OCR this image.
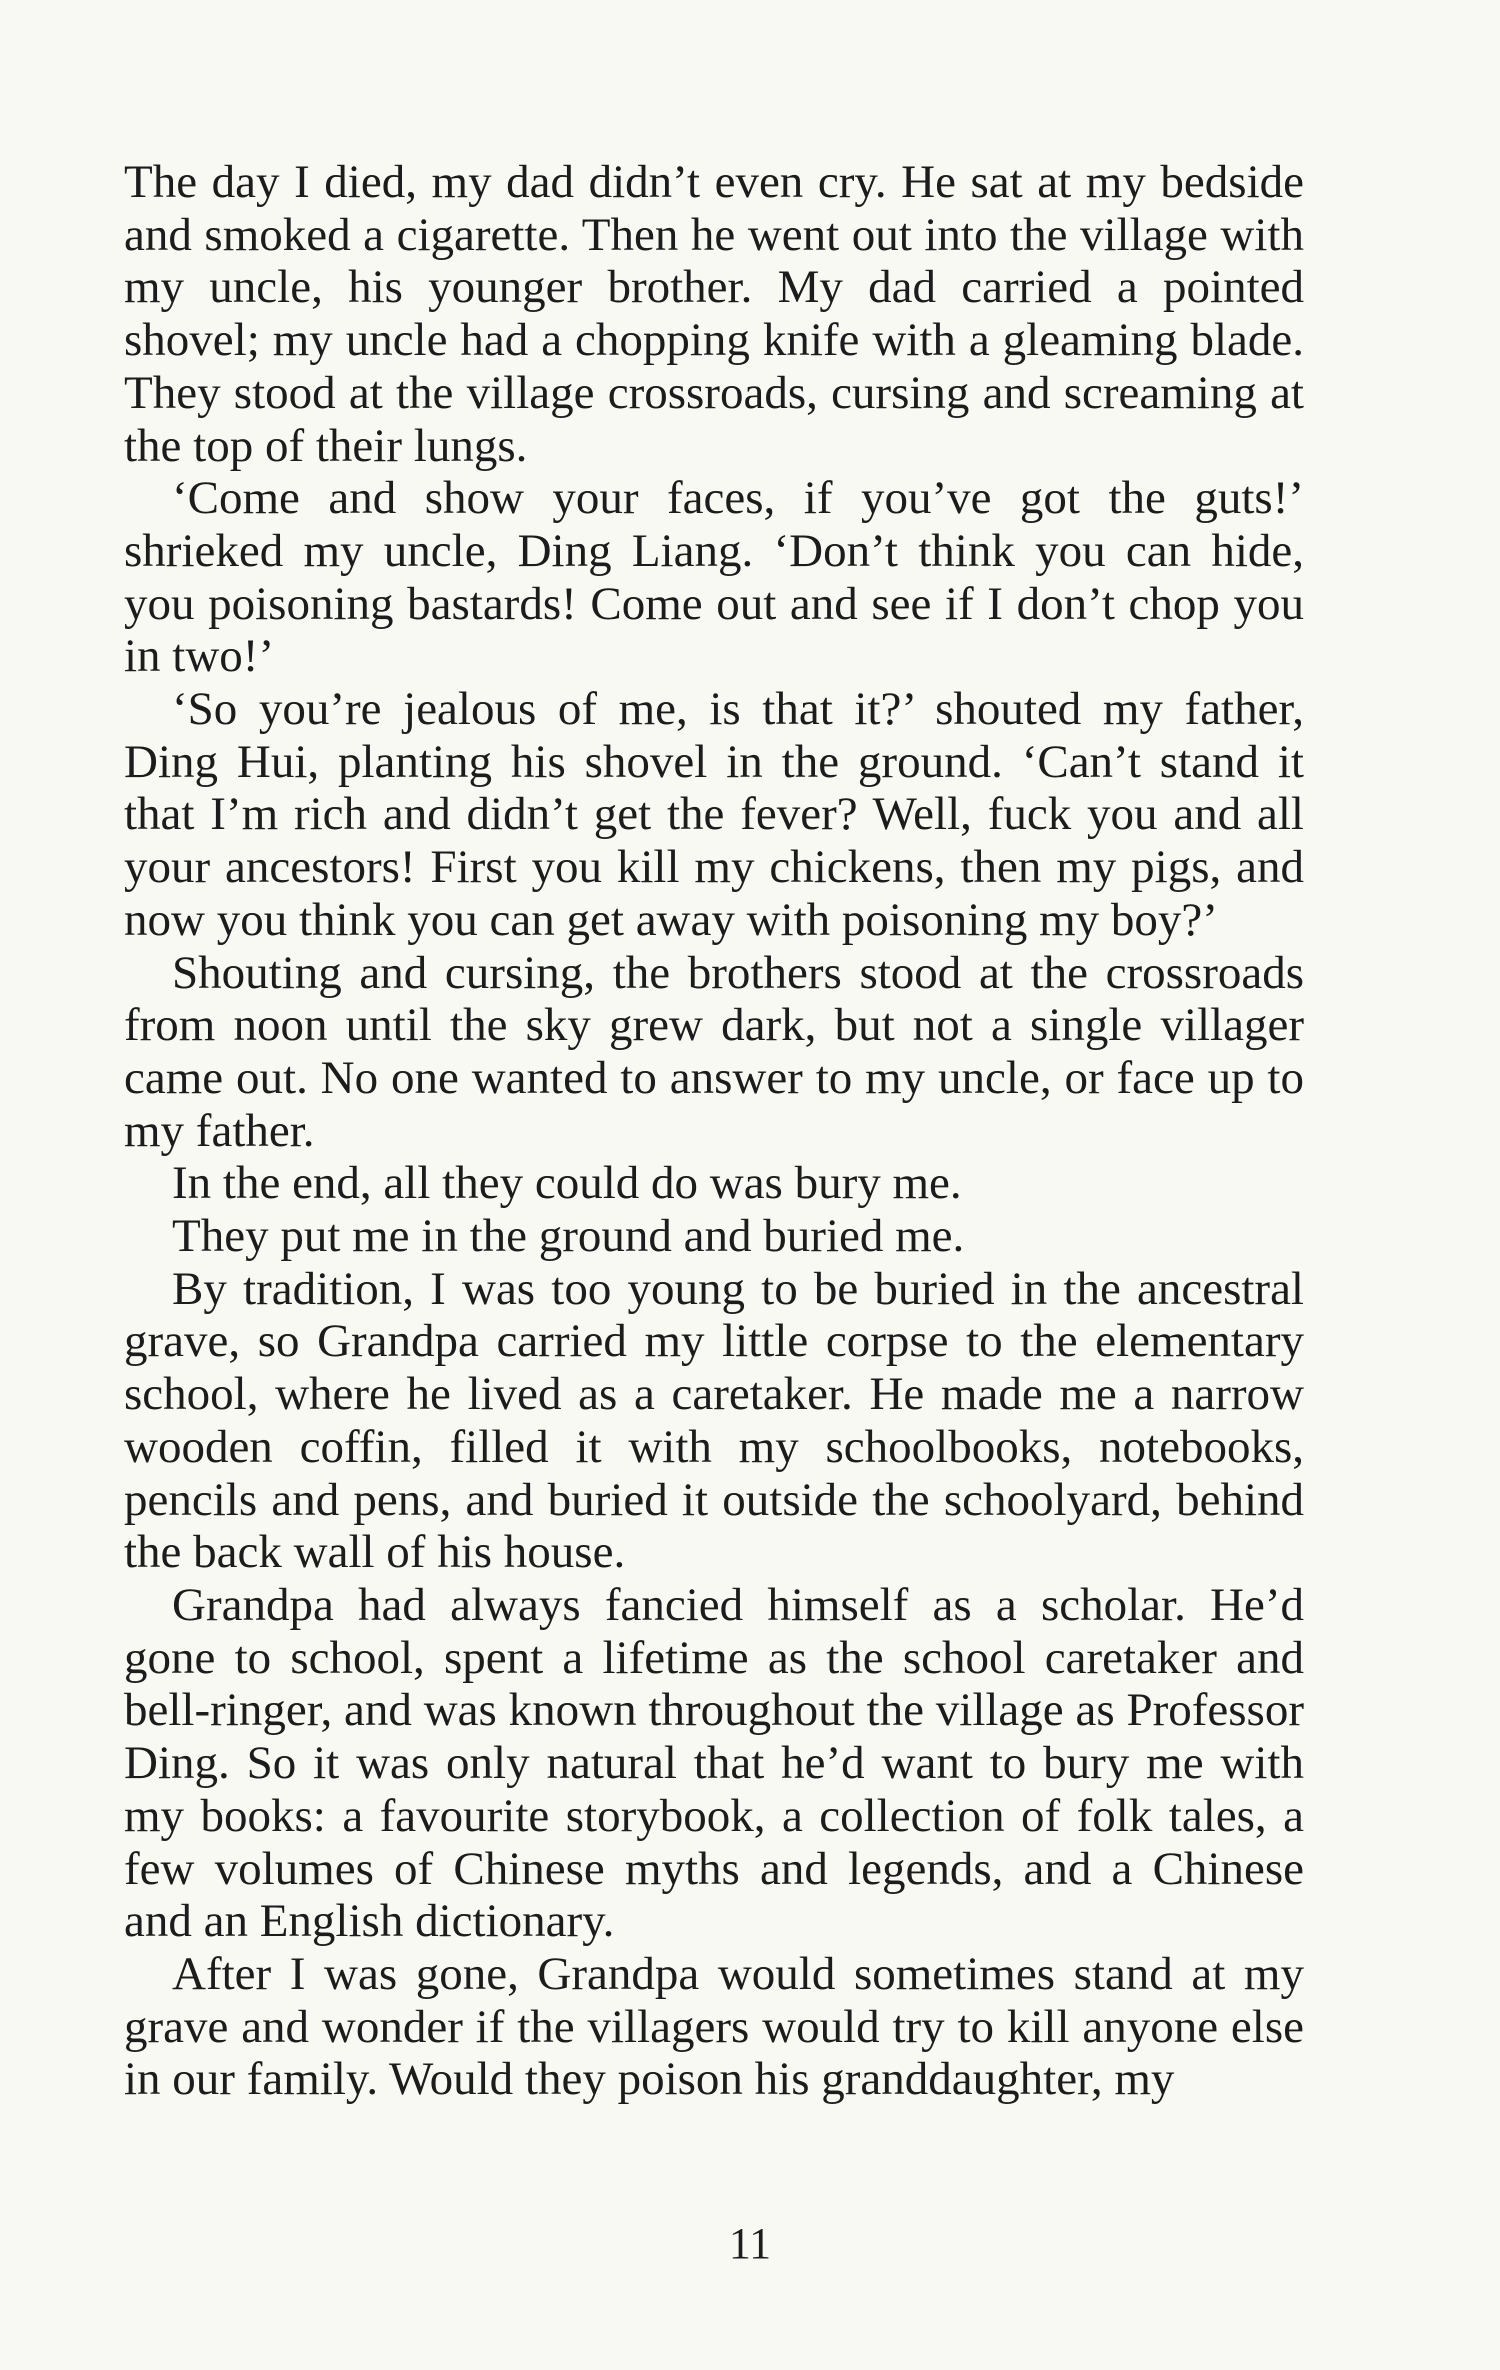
The day I died, my dad didn’t even cry. He sat at my bedside and smoked a cigarette. Then he went out into the village with my uncle, his younger brother. My dad carried a pointed shovel; my uncle had a chopping knife with a gleaming blade. They stood at the village crossroads, cursing and screaming at the top of their lungs.

‘Come and show your faces, if you’ve got the guts!’ shrieked my uncle, Ding Liang. ‘Don’t think you can hide, you poisoning bastards! Come out and see if I don’t chop you in two!’

‘So you’re jealous of me, is that it?’ shouted my father, Ding Hui, planting his shovel in the ground. ‘Can’t stand it that I’m rich and didn’t get the fever? Well, fuck you and all your ancestors! First you kill my chickens, then my pigs, and now you think you can get away with poisoning my boy?’

Shouting and cursing, the brothers stood at the crossroads from noon until the sky grew dark, but not a single villager came out. No one wanted to answer to my uncle, or face up to my father.

In the end, all they could do was bury me.

They put me in the ground and buried me.

By tradition, I was too young to be buried in the ancestral grave, so Grandpa carried my little corpse to the elementary school, where he lived as a caretaker. He made me a narrow wooden coffin, filled it with my schoolbooks, notebooks, pencils and pens, and buried it outside the schoolyard, behind the back wall of his house.

Grandpa had always fancied himself as a scholar. He’d gone to school, spent a lifetime as the school caretaker and bell-ringer, and was known throughout the village as Professor Ding. So it was only natural that he’d want to bury me with my books: a favourite storybook, a collection of folk tales, a few volumes of Chinese myths and legends, and a Chinese and an English dictionary.

After I was gone, Grandpa would sometimes stand at my grave and wonder if the villagers would try to kill anyone else in our family. Would they poison his granddaughter, my

11
